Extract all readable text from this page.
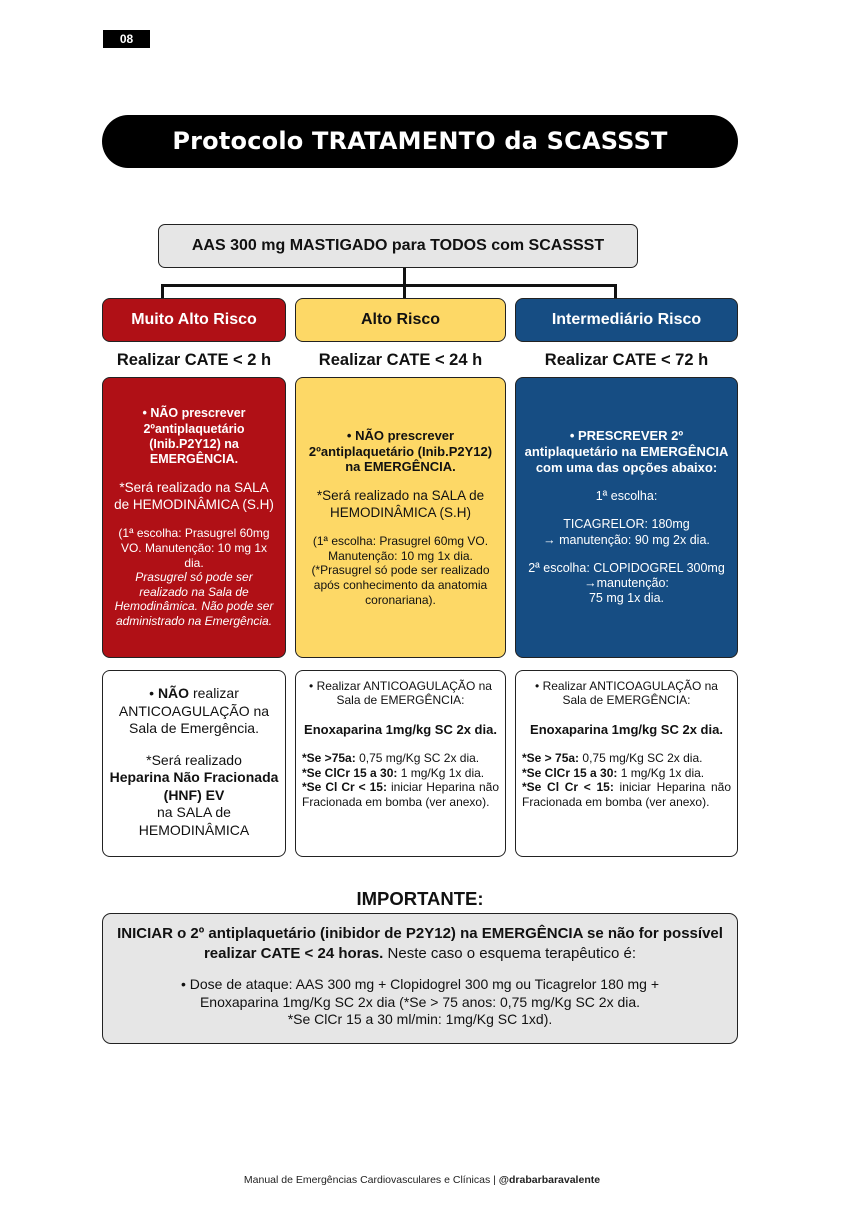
08
Protocolo TRATAMENTO da SCASSST
AAS 300 mg MASTIGADO para TODOS com SCASSST
Muito Alto Risco
Realizar CATE < 2 h

• NÃO prescrever 2ºantiplaquetário (Inib.P2Y12) na EMERGÊNCIA.

*Será realizado na SALA de HEMODINÂMICA (S.H)

(1ª escolha: Prasugrel 60mg VO. Manutenção: 10 mg 1x dia.

Prasugrel só pode ser realizado na Sala de Hemodinâmica. Não pode ser administrado na Emergência.

• NÃO realizar ANTICOAGULAÇÃO na Sala de Emergência.

*Será realizado

Heparina Não Fracionada (HNF) EV

na SALA de HEMODINÂMICA

Alto Risco
Realizar CATE < 24 h

• NÃO prescrever 2ºantiplaquetário (Inib.P2Y12) na EMERGÊNCIA.

*Será realizado na SALA de HEMODINÂMICA (S.H)

(1ª escolha: Prasugrel 60mg VO. Manutenção: 10 mg 1x dia.

(*Prasugrel só pode ser realizado após conhecimento da anatomia coronariana).

• Realizar ANTICOAGULAÇÃO na Sala de EMERGÊNCIA:

Enoxaparina 1mg/kg SC 2x dia.

*Se >75a: 0,75 mg/Kg SC 2x dia.

*Se ClCr 15 a 30: 1 mg/Kg 1x dia.

*Se Cl Cr < 15: iniciar Heparina não Fracionada em bomba (ver anexo).

Intermediário Risco
Realizar CATE < 72 h

• PRESCREVER 2º antiplaquetário na EMERGÊNCIA com uma das opções abaixo:

1ª escolha:

TICAGRELOR: 180mg

→ manutenção: 90 mg 2x dia.

2ª escolha: CLOPIDOGREL 300mg

→manutenção:

75 mg 1x dia.

• Realizar ANTICOAGULAÇÃO na Sala de EMERGÊNCIA:

Enoxaparina 1mg/kg SC 2x dia.

*Se > 75a: 0,75 mg/Kg SC 2x dia.

*Se ClCr 15 a 30: 1 mg/Kg 1x dia.

*Se Cl Cr < 15: iniciar Heparina não Fracionada em bomba (ver anexo).

IMPORTANTE:

INICIAR o 2º antiplaquetário (inibidor de P2Y12) na EMERGÊNCIA se não for possível realizar CATE < 24 horas. Neste caso o esquema terapêutico é:

• Dose de ataque: AAS 300 mg + Clopidogrel 300 mg ou Ticagrelor 180 mg +

Enoxaparina 1mg/Kg SC 2x dia (*Se > 75 anos: 0,75 mg/Kg SC 2x dia.

*Se ClCr 15 a 30 ml/min: 1mg/Kg SC 1xd).

Manual de Emergências Cardiovasculares e Clínicas | @drabarbaravalente
